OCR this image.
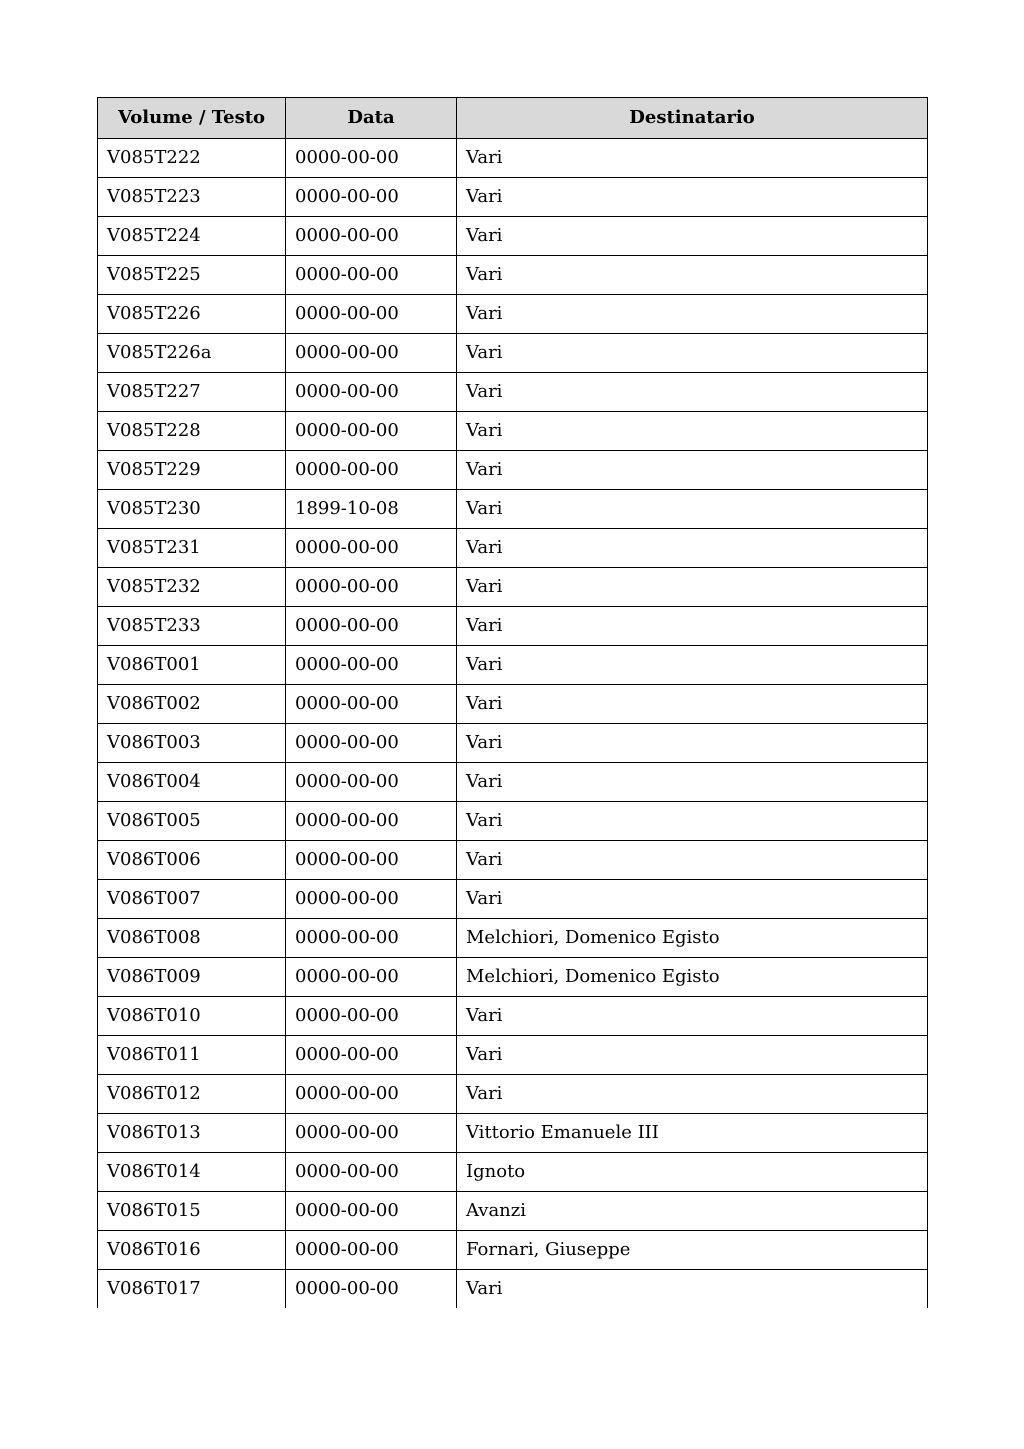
Volume / Testo	Data	Destinatario
V085T222	0000-00-00	Vari
V085T223	0000-00-00	Vari
V085T224	0000-00-00	Vari
V085T225	0000-00-00	Vari
V085T226	0000-00-00	Vari
V085T226a	0000-00-00	Vari
V085T227	0000-00-00	Vari
V085T228	0000-00-00	Vari
V085T229	0000-00-00	Vari
V085T230	1899-10-08	Vari
V085T231	0000-00-00	Vari
V085T232	0000-00-00	Vari
V085T233	0000-00-00	Vari
V086T001	0000-00-00	Vari
V086T002	0000-00-00	Vari
V086T003	0000-00-00	Vari
V086T004	0000-00-00	Vari
V086T005	0000-00-00	Vari
V086T006	0000-00-00	Vari
V086T007	0000-00-00	Vari
V086T008	0000-00-00	Melchiori, Domenico Egisto
V086T009	0000-00-00	Melchiori, Domenico Egisto
V086T010	0000-00-00	Vari
V086T011	0000-00-00	Vari
V086T012	0000-00-00	Vari
V086T013	0000-00-00	Vittorio Emanuele III
V086T014	0000-00-00	Ignoto
V086T015	0000-00-00	Avanzi
V086T016	0000-00-00	Fornari, Giuseppe
V086T017	0000-00-00	Vari
